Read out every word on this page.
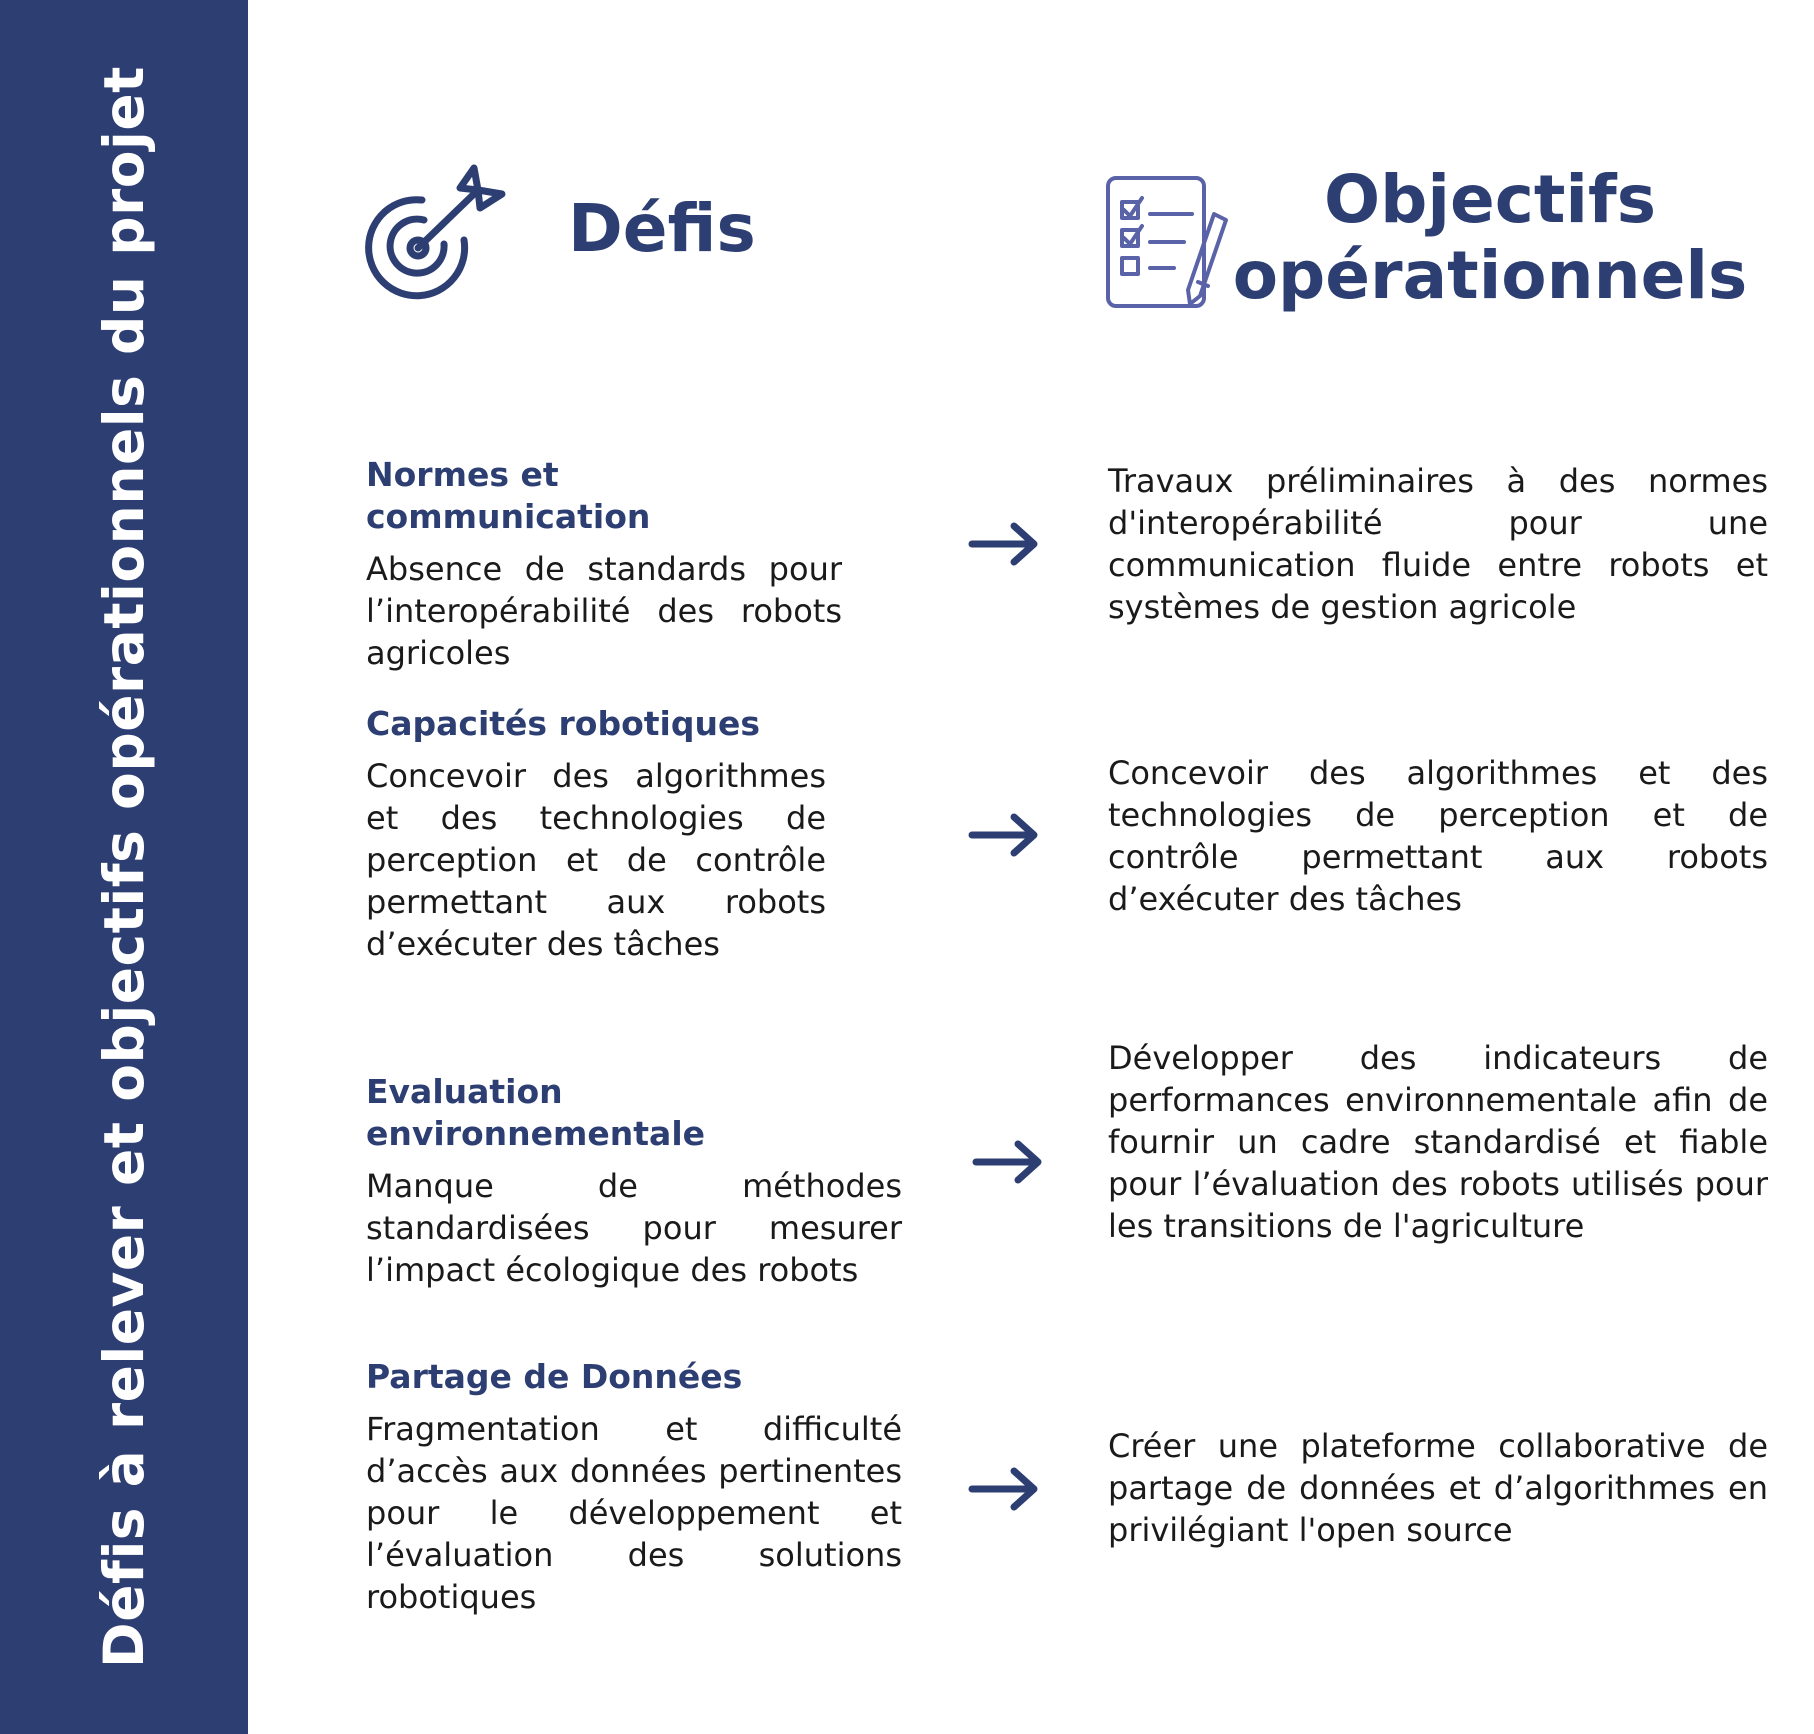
Défis à relever et objectifs opérationnels du projet	Défis	Objectifs
opérationnels
Normes et communication
Absence de standards pour l’interopérabilité des robots agricoles
Travaux préliminaires à des normes d'interopérabilité pour une communication fluide entre robots et systèmes de gestion agricole
Capacités robotiques
Concevoir des algorithmes et des technologies de perception et de contrôle permettant aux robots d’exécuter des tâches
Concevoir des algorithmes et des technologies de perception et de contrôle permettant aux robots d’exécuter des tâches
Evaluation environnementale
Manque de méthodes standardisées pour mesurer l’impact écologique des robots
Développer des indicateurs de performances environnementale afin de fournir un cadre standardisé et fiable pour l’évaluation des robots utilisés pour les transitions de l'agriculture
Partage de Données
Fragmentation et difficulté d’accès aux données pertinentes pour le développement et l’évaluation des solutions robotiques
Créer une plateforme collaborative de partage de données et d’algorithmes en privilégiant l'open source
